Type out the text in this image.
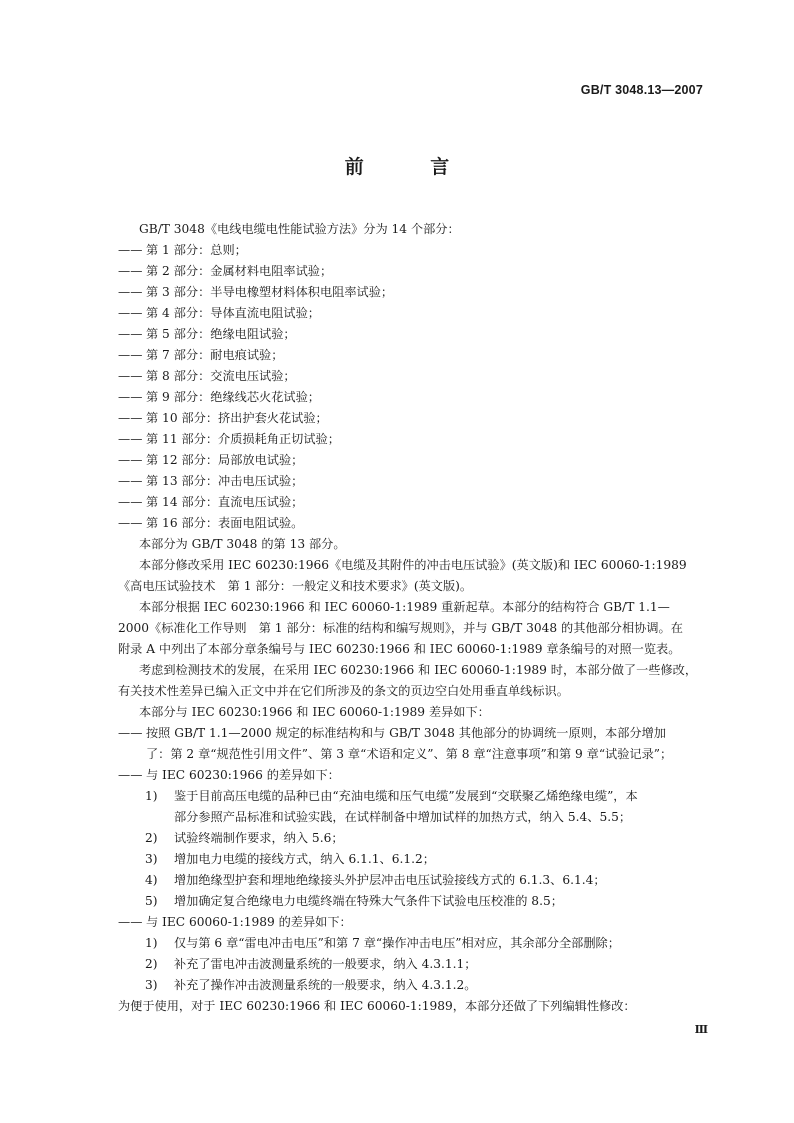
GB/T 3048.13—2007
前 言
GB/T 3048《电线电缆电性能试验方法》分为 14 个部分：
—— 第 1 部分：总则；
—— 第 2 部分：金属材料电阻率试验；
—— 第 3 部分：半导电橡塑材料体积电阻率试验；
—— 第 4 部分：导体直流电阻试验；
—— 第 5 部分：绝缘电阻试验；
—— 第 7 部分：耐电痕试验；
—— 第 8 部分：交流电压试验；
—— 第 9 部分：绝缘线芯火花试验；
—— 第 10 部分：挤出护套火花试验；
—— 第 11 部分：介质损耗角正切试验；
—— 第 12 部分：局部放电试验；
—— 第 13 部分：冲击电压试验；
—— 第 14 部分：直流电压试验；
—— 第 16 部分：表面电阻试验。
本部分为 GB/T 3048 的第 13 部分。
本部分修改采用 IEC 60230:1966《电缆及其附件的冲击电压试验》(英文版)和 IEC 60060-1:1989
《高电压试验技术　第 1 部分：一般定义和技术要求》(英文版)。
本部分根据 IEC 60230:1966 和 IEC 60060-1:1989 重新起草。本部分的结构符合 GB/T 1.1—
2000《标准化工作导则　第 1 部分：标准的结构和编写规则》，并与 GB/T 3048 的其他部分相协调。在
附录 A 中列出了本部分章条编号与 IEC 60230:1966 和 IEC 60060-1:1989 章条编号的对照一览表。
考虑到检测技术的发展，在采用 IEC 60230:1966 和 IEC 60060-1:1989 时，本部分做了一些修改，
有关技术性差异已编入正文中并在它们所涉及的条文的页边空白处用垂直单线标识。
本部分与 IEC 60230:1966 和 IEC 60060-1:1989 差异如下：
—— 按照 GB/T 1.1—2000 规定的标准结构和与 GB/T 3048 其他部分的协调统一原则，本部分增加
了：第 2 章“规范性引用文件”、第 3 章“术语和定义”、第 8 章“注意事项”和第 9 章“试验记录”；
—— 与 IEC 60230:1966 的差异如下：
1) 鉴于目前高压电缆的品种已由“充油电缆和压气电缆”发展到“交联聚乙烯绝缘电缆”，本
部分参照产品标准和试验实践，在试样制备中增加试样的加热方式，纳入 5.4、5.5；
2) 试验终端制作要求，纳入 5.6；
3) 增加电力电缆的接线方式，纳入 6.1.1、6.1.2；
4) 增加绝缘型护套和埋地绝缘接头外护层冲击电压试验接线方式的 6.1.3、6.1.4；
5) 增加确定复合绝缘电力电缆终端在特殊大气条件下试验电压校准的 8.5；
—— 与 IEC 60060-1:1989 的差异如下：
1) 仅与第 6 章“雷电冲击电压”和第 7 章“操作冲击电压”相对应，其余部分全部删除；
2) 补充了雷电冲击波测量系统的一般要求，纳入 4.3.1.1；
3) 补充了操作冲击波测量系统的一般要求，纳入 4.3.1.2。
为便于使用，对于 IEC 60230:1966 和 IEC 60060-1:1989，本部分还做了下列编辑性修改：
Ⅲ
